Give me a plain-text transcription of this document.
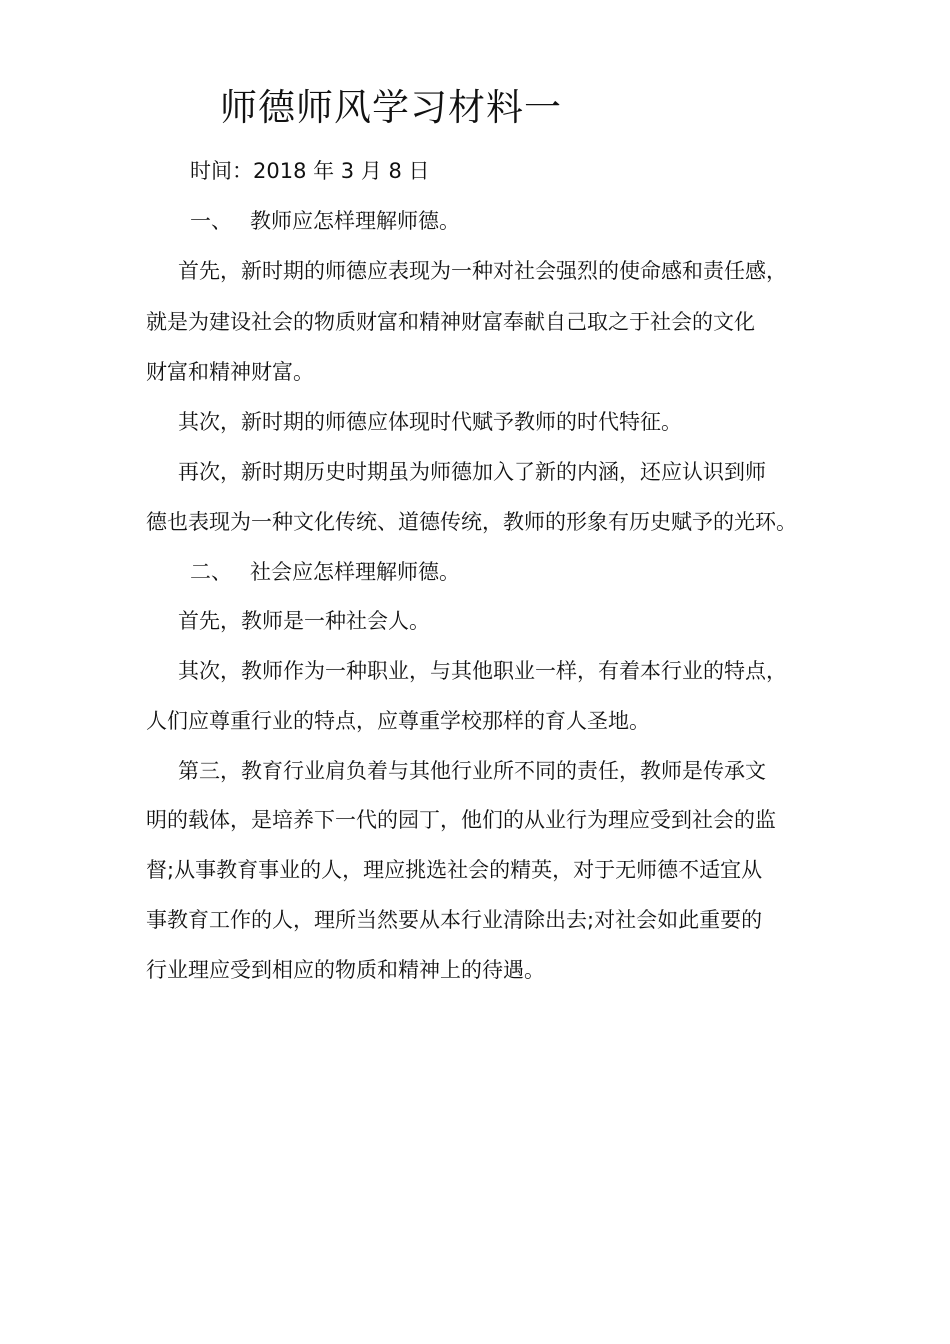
师德师风学习材料一
时间：2018 年 3 月 8 日
一、 教师应怎样理解师德。
首先，新时期的师德应表现为一种对社会强烈的使命感和责任感，
就是为建设社会的物质财富和精神财富奉献自己取之于社会的文化
财富和精神财富。
其次，新时期的师德应体现时代赋予教师的时代特征。
再次，新时期历史时期虽为师德加入了新的内涵，还应认识到师
德也表现为一种文化传统、道德传统，教师的形象有历史赋予的光环。
二、 社会应怎样理解师德。
首先，教师是一种社会人。
其次，教师作为一种职业，与其他职业一样，有着本行业的特点，
人们应尊重行业的特点，应尊重学校那样的育人圣地。
第三，教育行业肩负着与其他行业所不同的责任，教师是传承文
明的载体，是培养下一代的园丁，他们的从业行为理应受到社会的监
督;从事教育事业的人，理应挑选社会的精英，对于无师德不适宜从
事教育工作的人，理所当然要从本行业清除出去;对社会如此重要的
行业理应受到相应的物质和精神上的待遇。
